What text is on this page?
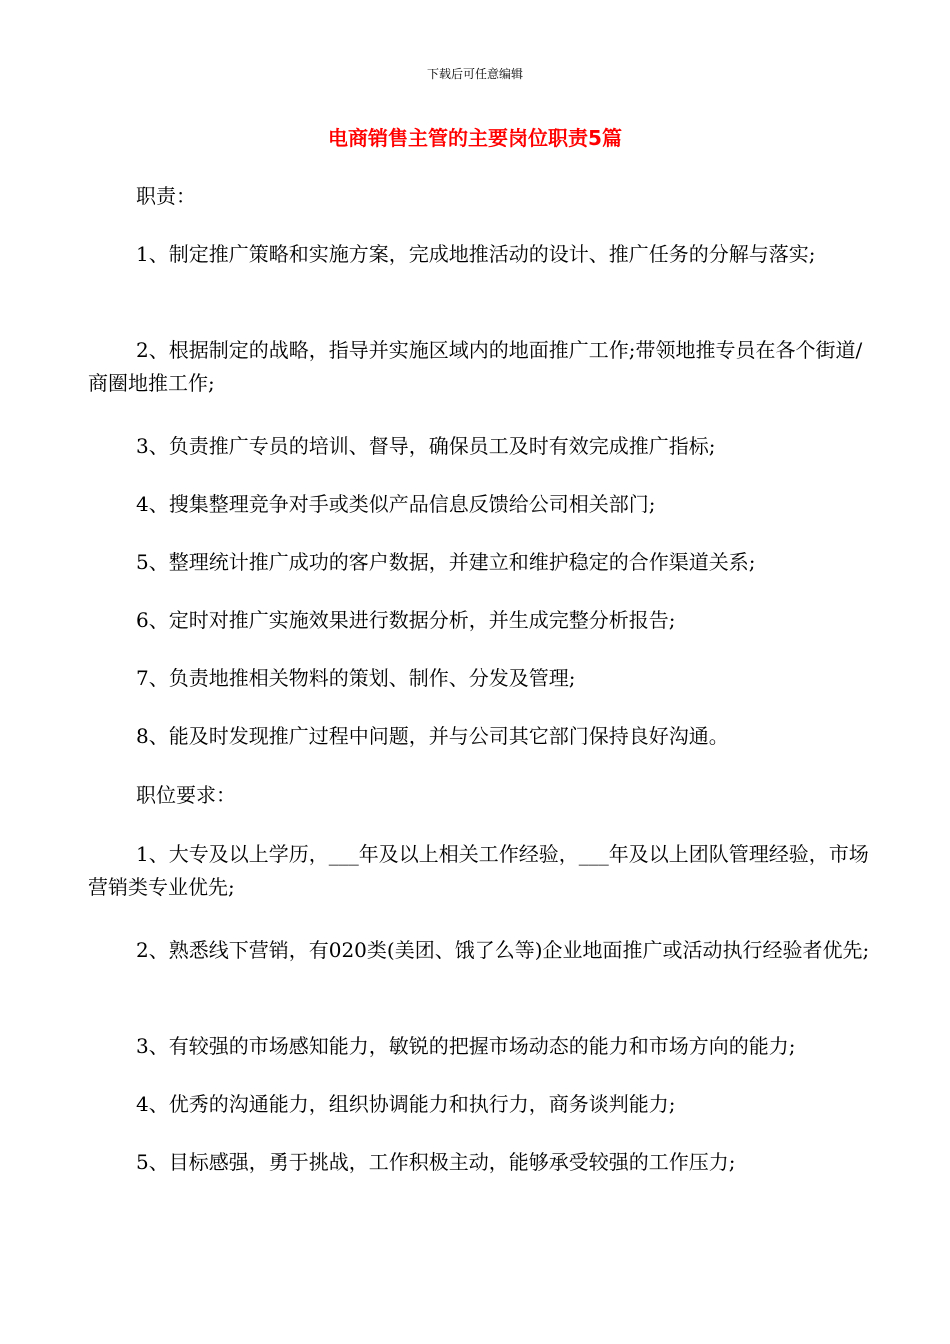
下载后可任意编辑
电商销售主管的主要岗位职责5篇

职责：

1、制定推广策略和实施方案，完成地推活动的设计、推广任务的分解与落实;

2、根据制定的战略，指导并实施区域内的地面推广工作;带领地推专员在各个街道/商圈地推工作;

3、负责推广专员的培训、督导，确保员工及时有效完成推广指标;

4、搜集整理竞争对手或类似产品信息反馈给公司相关部门;

5、整理统计推广成功的客户数据，并建立和维护稳定的合作渠道关系;

6、定时对推广实施效果进行数据分析，并生成完整分析报告;

7、负责地推相关物料的策划、制作、分发及管理;

8、能及时发现推广过程中问题，并与公司其它部门保持良好沟通。

职位要求：

1、大专及以上学历，___年及以上相关工作经验，___年及以上团队管理经验，市场营销类专业优先;

2、熟悉线下营销，有020类(美团、饿了么等)企业地面推广或活动执行经验者优先;

3、有较强的市场感知能力，敏锐的把握市场动态的能力和市场方向的能力;

4、优秀的沟通能力，组织协调能力和执行力，商务谈判能力;

5、目标感强，勇于挑战，工作积极主动，能够承受较强的工作压力;
